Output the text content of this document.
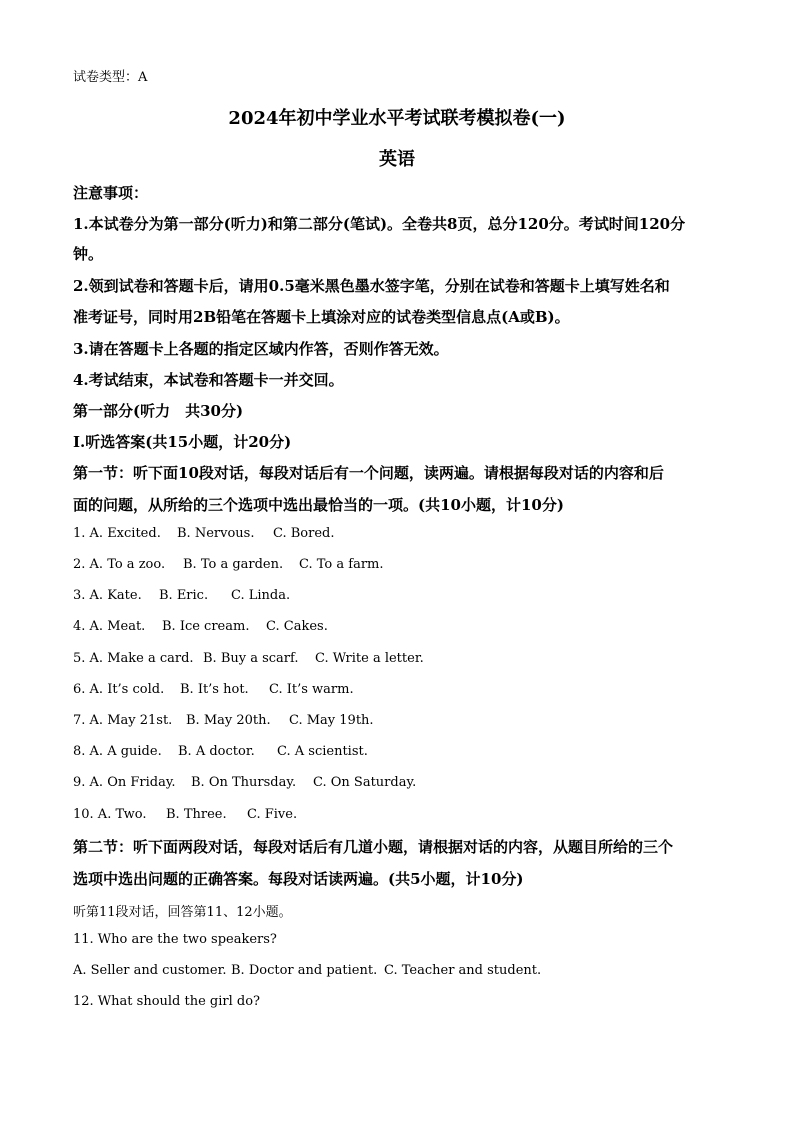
试卷类型：A
2024年初中学业水平考试联考模拟卷(一)
英语
注意事项：
1.本试卷分为第一部分(听力)和第二部分(笔试)。全卷共8页，总分120分。考试时间120分
钟。
2.领到试卷和答题卡后，请用0.5毫米黑色墨水签字笔，分别在试卷和答题卡上填写姓名和
准考证号，同时用2B铅笔在答题卡上填涂对应的试卷类型信息点(A或B)。
3.请在答题卡上各题的指定区域内作答，否则作答无效。
4.考试结束，本试卷和答题卡一并交回。
第一部分(听力　共30分)
Ⅰ.听选答案(共15小题，计20分)
第一节：听下面10段对话，每段对话后有一个问题，读两遍。请根据每段对话的内容和后
面的问题，从所给的三个选项中选出最恰当的一项。(共10小题，计10分)
1. A. Excited. B. Nervous. C. Bored.
2. A. To a zoo. B. To a garden. C. To a farm.
3. A. Kate. B. Eric. C. Linda.
4. A. Meat. B. Ice cream. C. Cakes.
5. A. Make a card. B. Buy a scarf. C. Write a letter.
6. A. It’s cold. B. It’s hot. C. It’s warm.
7. A. May 21st. B. May 20th. C. May 19th.
8. A. A guide. B. A doctor. C. A scientist.
9. A. On Friday. B. On Thursday. C. On Saturday.
10. A. Two. B. Three. C. Five.
第二节：听下面两段对话，每段对话后有几道小题，请根据对话的内容，从题目所给的三个
选项中选出问题的正确答案。每段对话读两遍。(共5小题，计10分)
听第11段对话，回答第11、12小题。
11. Who are the two speakers?
A. Seller and customer. B. Doctor and patient. C. Teacher and student.
12. What should the girl do?
